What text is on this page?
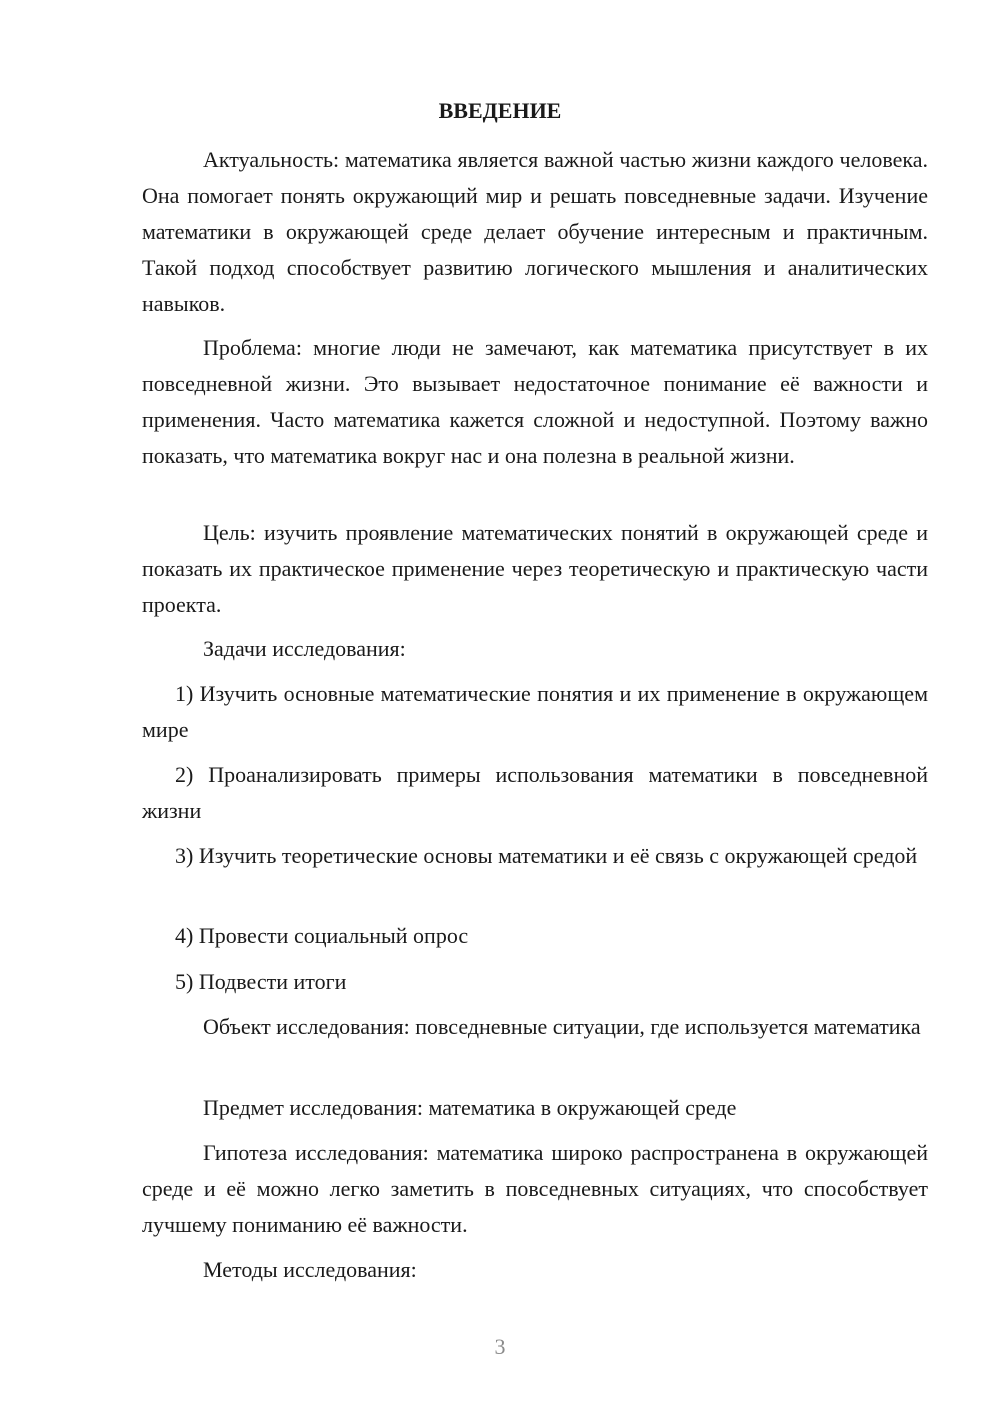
ВВЕДЕНИЕ

Актуальность: математика является важной частью жизни каждого человека. Она помогает понять окружающий мир и решать повседневные задачи. Изучение математики в окружающей среде делает обучение интересным и практичным. Такой подход способствует развитию логического мышления и аналитических навыков.

Проблема: многие люди не замечают, как математика присутствует в их повседневной жизни. Это вызывает недостаточное понимание её важности и применения. Часто математика кажется сложной и недоступной. Поэтому важно показать, что математика вокруг нас и она полезна в реальной жизни.

Цель: изучить проявление математических понятий в окружающей среде и показать их практическое применение через теоретическую и практическую части проекта.

Задачи исследования:

1) Изучить основные математические понятия и их применение в окружающем мире

2) Проанализировать примеры использования математики в повседневной жизни

3) Изучить теоретические основы математики и её связь с окружающей средой

4) Провести социальный опрос

5) Подвести итоги

Объект исследования: повседневные ситуации, где используется математика

Предмет исследования: математика в окружающей среде

Гипотеза исследования: математика широко распространена в окружающей среде и её можно легко заметить в повседневных ситуациях, что способствует лучшему пониманию её важности.

Методы исследования:

3
